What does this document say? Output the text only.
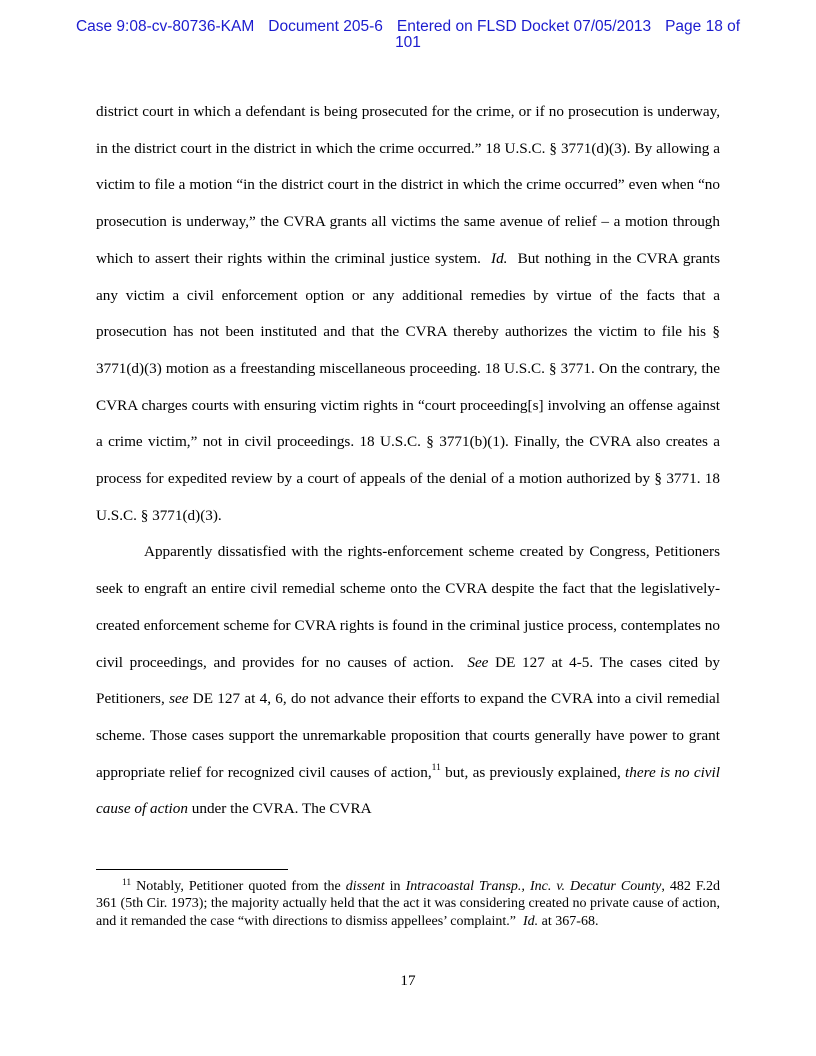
Case 9:08-cv-80736-KAM Document 205-6 Entered on FLSD Docket 07/05/2013 Page 18 of
101

district court in which a defendant is being prosecuted for the crime, or if no prosecution is underway, in the district court in the district in which the crime occurred.” 18 U.S.C. § 3771(d)(3). By allowing a victim to file a motion “in the district court in the district in which the crime occurred” even when “no prosecution is underway,” the CVRA grants all victims the same avenue of relief – a motion through which to assert their rights within the criminal justice system. Id. But nothing in the CVRA grants any victim a civil enforcement option or any additional remedies by virtue of the facts that a prosecution has not been instituted and that the CVRA thereby authorizes the victim to file his § 3771(d)(3) motion as a freestanding miscellaneous proceeding. 18 U.S.C. § 3771. On the contrary, the CVRA charges courts with ensuring victim rights in “court proceeding[s] involving an offense against a crime victim,” not in civil proceedings. 18 U.S.C. § 3771(b)(1). Finally, the CVRA also creates a process for expedited review by a court of appeals of the denial of a motion authorized by § 3771. 18 U.S.C. § 3771(d)(3).

Apparently dissatisfied with the rights-enforcement scheme created by Congress, Petitioners seek to engraft an entire civil remedial scheme onto the CVRA despite the fact that the legislatively-created enforcement scheme for CVRA rights is found in the criminal justice process, contemplates no civil proceedings, and provides for no causes of action. See DE 127 at 4-5. The cases cited by Petitioners, see DE 127 at 4, 6, do not advance their efforts to expand the CVRA into a civil remedial scheme. Those cases support the unremarkable proposition that courts generally have power to grant appropriate relief for recognized civil causes of action,$^{11}$ but, as previously explained, there is no civil cause of action under the CVRA. The CVRA

$^{11}$ Notably, Petitioner quoted from the dissent in Intracoastal Transp., Inc. v. Decatur County, 482 F.2d 361 (5th Cir. 1973); the majority actually held that the act it was considering created no private cause of action, and it remanded the case “with directions to dismiss appellees’ complaint.” Id. at 367-68.

17
